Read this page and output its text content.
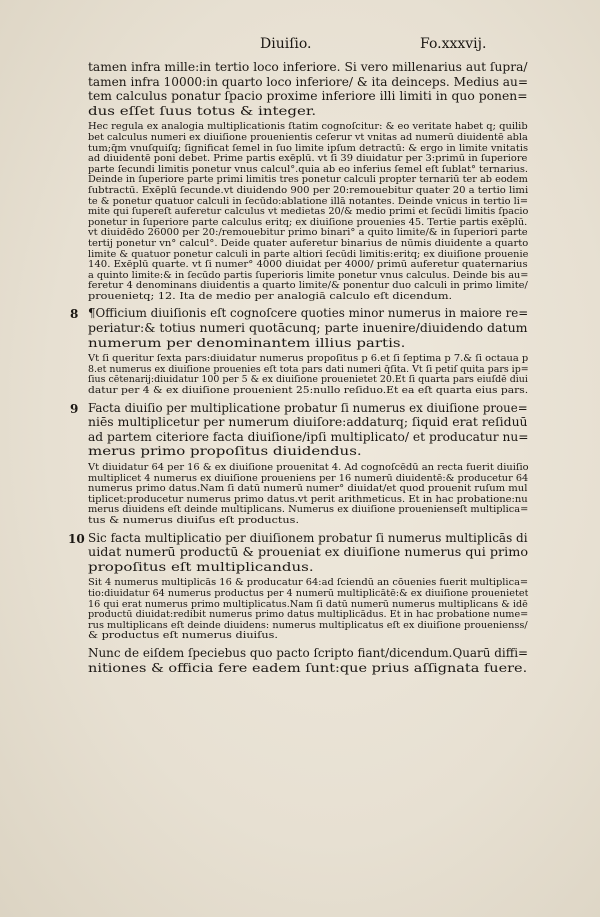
Diuiſio.	Fo.xxxvij.
tamen infra mille:in tertio loco inferiore. Si vero millenarius aut ſupra/
tamen infra 10000:in quarto loco inferiore/ & ita deinceps. Medius au=
tem calculus ponatur ſpacio proxime inferiore illi limiti in quo ponen=
dus eſſet ſuus totus & integer.
Hec regula ex analogia multiplicationis ſtatim cognoſcitur: & eo veritate habet q; quilib
bet calculus numeri ex diuiſione prouenientis ceſerur vt vnitas ad numerū diuidentē abla
tum;q̄m vnuſquiſq; ſignificat ſemel in ſuo limite ipſum detractū: & ergo in limite vnitatis
ad diuidentē poni debet. Prime partis exēplū. vt ſi 39 diuidatur per 3:primū in ſuperiore
parte ſecundi limitis ponetur vnus calcul°.quia ab eo inferius ſemel eſt ſublat° ternarius.
Deinde in ſuperiore parte primi limitis tres ponetur calculi propter ternariū ter ab eodem
ſubtractū. Exēplū ſecunde.vt diuidendo 900 per 20:remouebitur quater 20 a tertio limi
te & ponetur quatuor calculi in ſecūdo:ablatione illā notantes. Deinde vnicus in tertio li=
mite qui ſupereſt auferetur calculus vt medietas 20/& medio primi et ſecūdi limitis ſpacio
ponetur in ſuperiore parte calculus eritq; ex diuiſione prouenies 45. Tertie partis exēplū.
vt diuidēdo 26000 per 20:/remouebitur primo binari° a quito limite/& in ſuperiori parte
tertij ponetur vn° calcul°. Deide quater auferetur binarius de nūmis diuidente a quarto
limite & quatuor ponetur calculi in parte altiori ſecūdi limitis:eritq; ex diuiſione prouenie
140. Exēplū quarte. vt ſi numer° 4000 diuidat per 4000/ primū auferetur quaternarius
a quinto limite:& in ſecūdo partis ſuperioris limite ponetur vnus calculus. Deinde bis au=
feretur 4 denominans diuidentis a quarto limite/& ponentur duo calculi in primo limite/
prouenietq; 12. Ita de medio per analogiā calculo eſt dicendum.
8 ¶Officium diuiſionis eſt cognoſcere quoties minor numerus in maiore re=
periatur:& totius numeri quotācunq; parte inuenire/diuidendo datum
numerum per denominantem illius partis.
Vt ſi queritur ſexta pars:diuidatur numerus propoſitus p 6.et ſi ſeptima p 7.& ſi octaua p
8.et numerus ex diuiſione prouenies eſt tota pars dati numeri q̄ſita. Vt ſi petiſ quita pars ip=
ſius cētenarij:diuidatur 100 per 5 & ex diuiſione prouenietet 20.Et ſi quarta pars eiuſdē diui
datur per 4 & ex diuiſione prouenient 25:nullo reſiduo.Et ea eſt quarta eius pars.
9 Facta diuiſio per multiplicatione probatur ſi numerus ex diuiſione proue=
niēs multiplicetur per numerum diuiſore:addaturq; ſiquid erat reſiduū
ad partem citeriore facta diuiſione/ipſi multiplicato/ et producatur nu=
merus primo propoſitus diuidendus.
Vt diuidatur 64 per 16 & ex diuiſione prouenitat 4. Ad cognoſcēdū an recta fuerit diuiſio
multiplicet 4 numerus ex diuiſione proueniens per 16 numerū diuidentē:& producetur 64
numerus primo datus.Nam ſi datū numerū numer° diuidat/et quod prouenit ruſum mul
tiplicet:producetur numerus primo datus.vt perit arithmeticus. Et in hac probatione:nu
merus diuidens eſt deinde multiplicans. Numerus ex diuiſione prouenienseſt multiplica=
tus & numerus diuiſus eſt productus.
10 Sic facta multiplicatio per diuiſionem probatur ſi numerus multiplicās di
uidat numerū productū & proueniat ex diuiſione numerus qui primo
propoſitus eſt multiplicandus.
Sit 4 numerus multiplicās 16 & producatur 64:ad ſciendū an cōuenies fuerit multiplica=
tio:diuidatur 64 numerus productus per 4 numerū multiplicātē:& ex diuiſione prouenietet
16 qui erat numerus primo multiplicatus.Nam ſi datū numerū numerus multiplicans & idē
productū diuidat:redibit numerus primo datus multiplicādus. Et in hac probatione nume=
rus multiplicans eſt deinde diuidens: numerus multiplicatus eſt ex diuiſione prouenienss/
& productus eſt numerus diuiſus.
Nunc de eiſdem ſpeciebus quo pacto ſcripto fiant/dicendum.Quarū diffi=
nitiones & officia fere eadem ſunt:que prius aſſignata fuere.
